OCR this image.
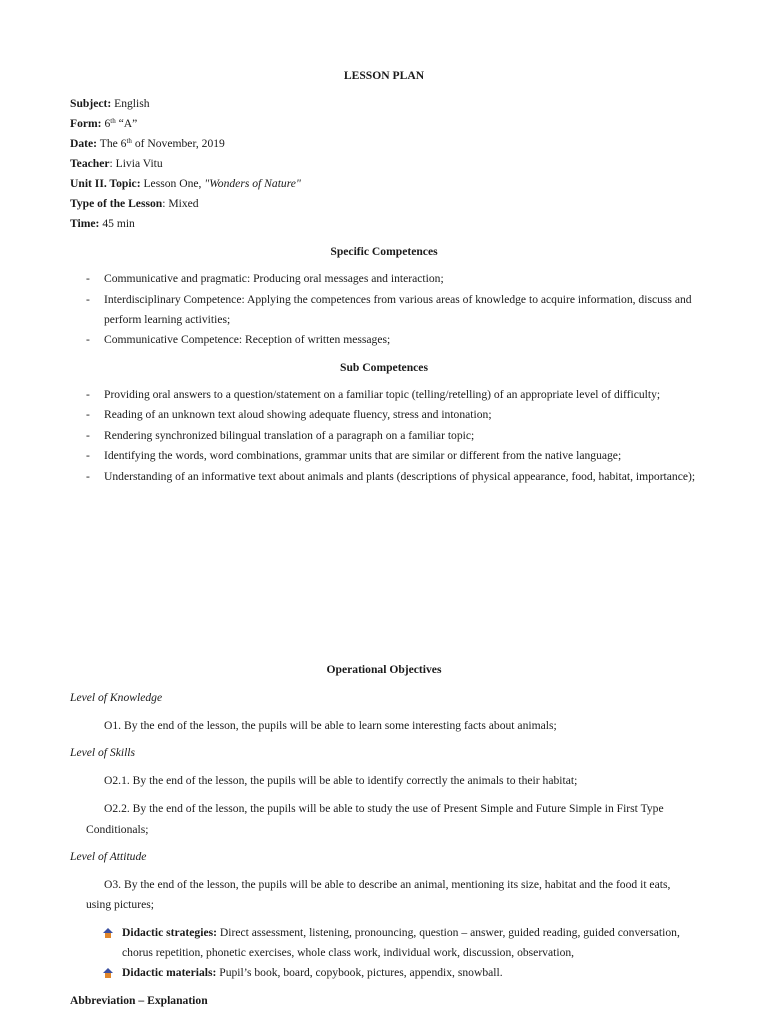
LESSON PLAN
Subject: English
Form: 6th “A”
Date: The 6th of November, 2019
Teacher: Livia Vitu
Unit II. Topic: Lesson One, "Wonders of Nature"
Type of the Lesson: Mixed
Time: 45 min
Specific Competences
- Communicative and pragmatic: Producing oral messages and interaction;
- Interdisciplinary Competence: Applying the competences from various areas of knowledge to acquire information, discuss and
perform learning activities;
- Communicative Competence: Reception of written messages;
Sub Competences
- Providing oral answers to a question/statement on a familiar topic (telling/retelling) of an appropriate level of difficulty;
- Reading of an unknown text aloud showing adequate fluency, stress and intonation;
- Rendering synchronized bilingual translation of a paragraph on a familiar topic;
- Identifying the words, word combinations, grammar units that are similar or different from the native language;
- Understanding of an informative text about animals and plants (descriptions of physical appearance, food, habitat, importance);
Operational Objectives
Level of Knowledge
O1. By the end of the lesson, the pupils will be able to learn some interesting facts about animals;
Level of Skills
O2.1. By the end of the lesson, the pupils will be able to identify correctly the animals to their habitat;
O2.2. By the end of the lesson, the pupils will be able to study the use of Present Simple and Future Simple in First Type
Conditionals;
Level of Attitude
O3. By the end of the lesson, the pupils will be able to describe an animal, mentioning its size, habitat and the food it eats,
using pictures;
Didactic strategies: Direct assessment, listening, pronouncing, question – answer, guided reading, guided conversation,
chorus repetition, phonetic exercises, whole class work, individual work, discussion, observation,
Didactic materials: Pupil’s book, board, copybook, pictures, appendix, snowball.
Abbreviation – Explanation
